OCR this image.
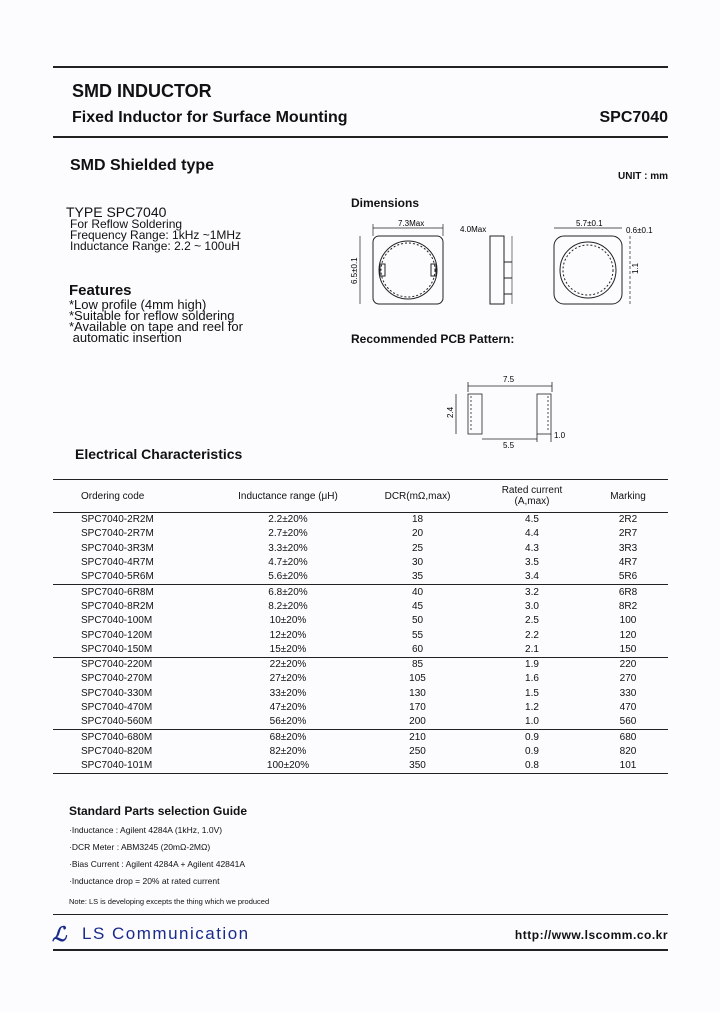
SMD INDUCTOR
Fixed Inductor for Surface Mounting	SPC7040
SMD Shielded type
UNIT : mm
TYPE SPC7040
For Reflow Soldering
Frequency Range: 1kHz ~1MHz
Inductance Range: 2.2 ~ 100uH
Features
*Low profile (4mm high)
*Suitable for reflow soldering
*Available on tape and reel for
automatic insertion
Dimensions
7.3Max
6.5±0.1
4.0Max
5.7±0.1
0.6±0.1
1.1
Recommended PCB Pattern:
7.5
2.4
5.5
1.0
Electrical Characteristics
Ordering code	Inductance range (μH)	DCR(mΩ,max)	Rated current
(A,max)	Marking
SPC7040-2R2M	2.2±20%	18	4.5	2R2
SPC7040-2R7M	2.7±20%	20	4.4	2R7
SPC7040-3R3M	3.3±20%	25	4.3	3R3
SPC7040-4R7M	4.7±20%	30	3.5	4R7
SPC7040-5R6M	5.6±20%	35	3.4	5R6
SPC7040-6R8M	6.8±20%	40	3.2	6R8
SPC7040-8R2M	8.2±20%	45	3.0	8R2
SPC7040-100M	10±20%	50	2.5	100
SPC7040-120M	12±20%	55	2.2	120
SPC7040-150M	15±20%	60	2.1	150
SPC7040-220M	22±20%	85	1.9	220
SPC7040-270M	27±20%	105	1.6	270
SPC7040-330M	33±20%	130	1.5	330
SPC7040-470M	47±20%	170	1.2	470
SPC7040-560M	56±20%	200	1.0	560
SPC7040-680M	68±20%	210	0.9	680
SPC7040-820M	82±20%	250	0.9	820
SPC7040-101M	100±20%	350	0.8	101
Standard Parts selection Guide
·Inductance : Agilent 4284A (1kHz, 1.0V)
·DCR Meter : ABM3245 (20mΩ-2MΩ)
·Bias Current : Agilent 4284A + Agilent 42841A
·Inductance drop = 20% at rated current
Note: LS is developing excepts the thing which we produced
ℒ LS Communication	http://www.lscomm.co.kr
